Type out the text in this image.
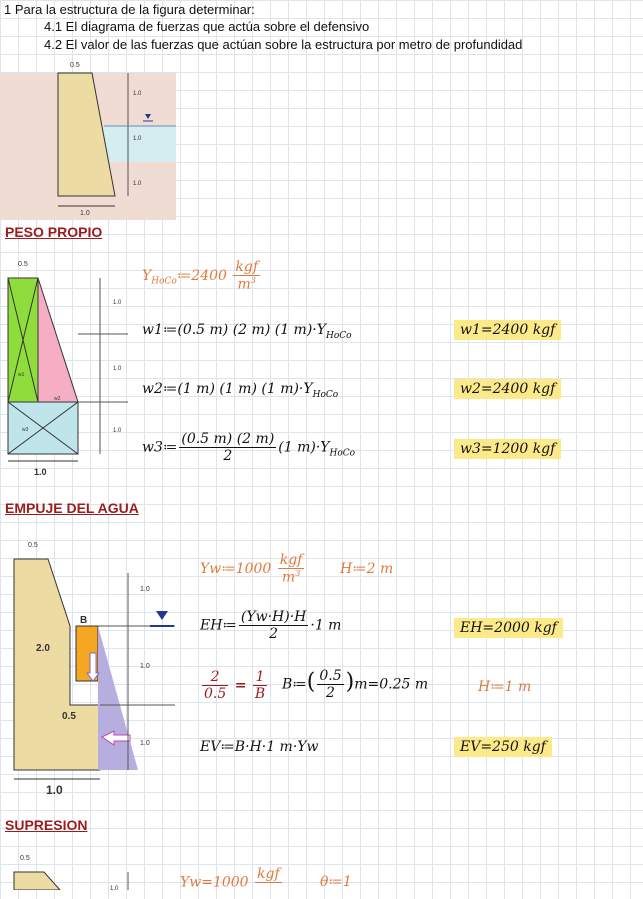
1 Para la estructura de la figura determinar:
4.1 El diagrama de fuerzas que actúa sobre el defensivo
4.2 El valor de las fuerzas que actúan sobre la estructura por metro de profundidad
0.5
1.0
1.0
1.0
1.0
PESO PROPIO
0.5
1.0
1.0
1.0
1.0
w1
w2
w3
$Y_{HoCo}≔2400 \frac{\text{kgf}}{m^3}$
w1≔(0.5 m) (2 m) (1 $m)\cdot Y_{HoCo}$
w2≔(1 m) (1 m) (1 $m)\cdot Y_{HoCo}$
w3≔ $\frac{(0.5 m) (2 m)}{2} (1$ $m)\cdot Y_{HoCo}$
w1=2400 kgf
w2=2400 kgf
w3=1200 kgf
EMPUJE DEL AGUA
0.5
1.0
1.0
1.0
2.0
0.5
B
1.0
Yw≔1000 $\frac{\text{kgf}}{m^3}$	H≔2 m
EH≔ $\frac{(Yw\cdot H)\cdot H}{2} \cdot 1$ m	EH=2000 kgf
$\frac{2}{0.5} = \frac{1}{B}$ B≔( $\frac{0.5}{2} )m=0.25$ m	H≔1 m
EV≔B·H·1 m·Yw	EV=250 kgf
SUPRESION
0.5
1.0	Yw=1000
kgf
	θ≔1
